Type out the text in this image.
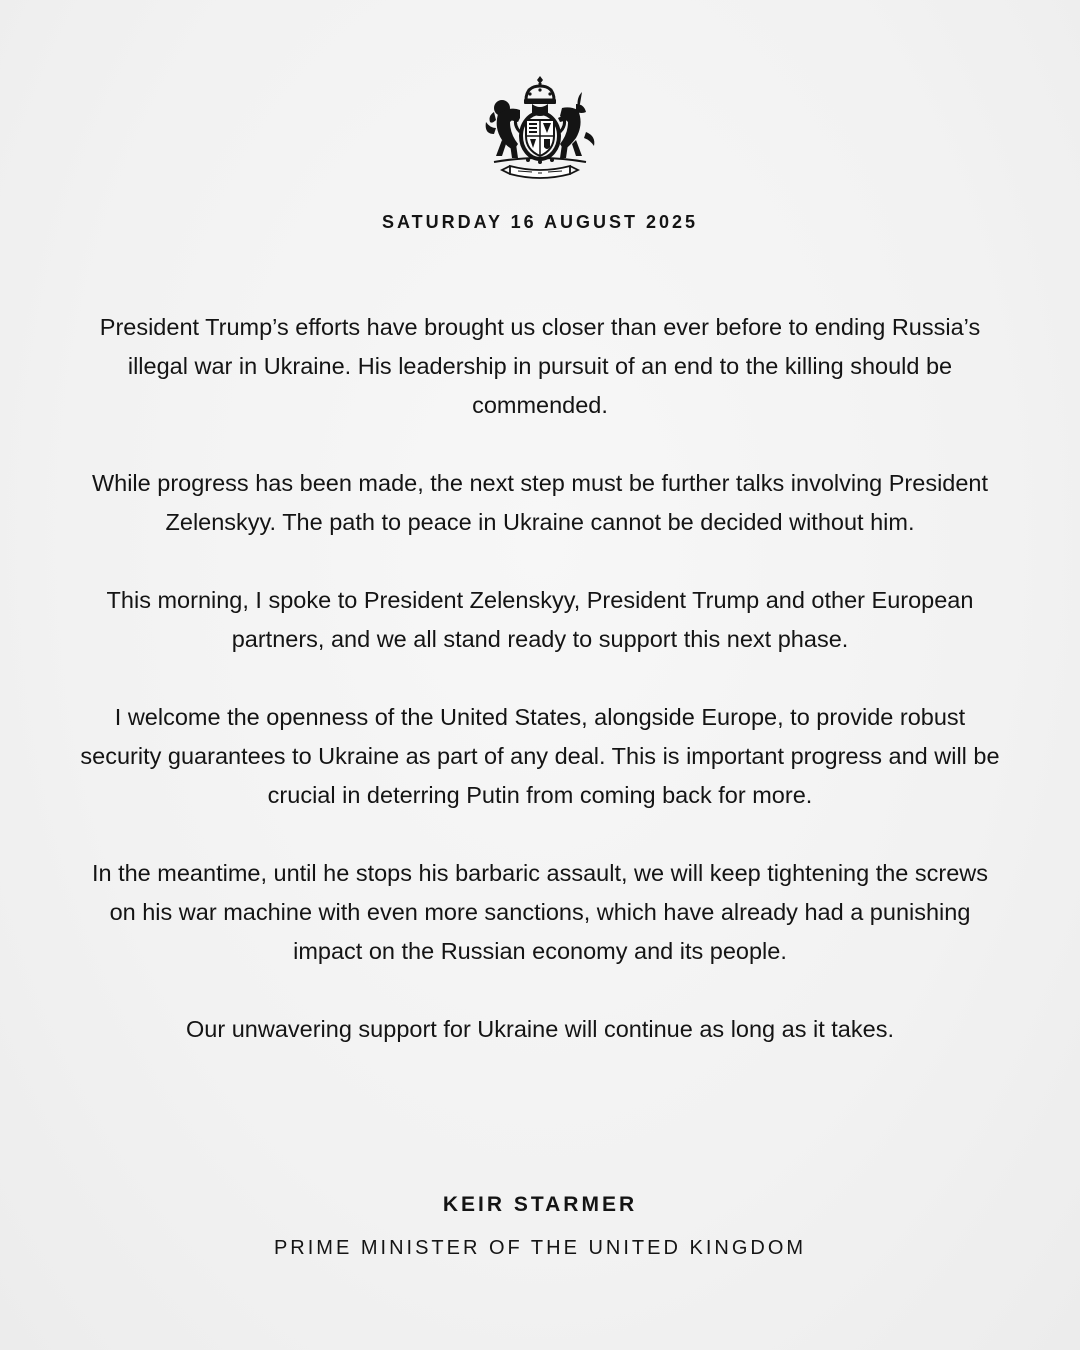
SATURDAY 16 AUGUST 2025

President Trump’s efforts have brought us closer than ever before to ending Russia’s illegal war in Ukraine. His leadership in pursuit of an end to the killing should be commended.

While progress has been made, the next step must be further talks involving President Zelenskyy. The path to peace in Ukraine cannot be decided without him.

This morning, I spoke to President Zelenskyy, President Trump and other European partners, and we all stand ready to support this next phase.

I welcome the openness of the United States, alongside Europe, to provide robust security guarantees to Ukraine as part of any deal. This is important progress and will be crucial in deterring Putin from coming back for more.

In the meantime, until he stops his barbaric assault, we will keep tightening the screws on his war machine with even more sanctions, which have already had a punishing impact on the Russian economy and its people.

Our unwavering support for Ukraine will continue as long as it takes.

KEIR STARMER
PRIME MINISTER OF THE UNITED KINGDOM
